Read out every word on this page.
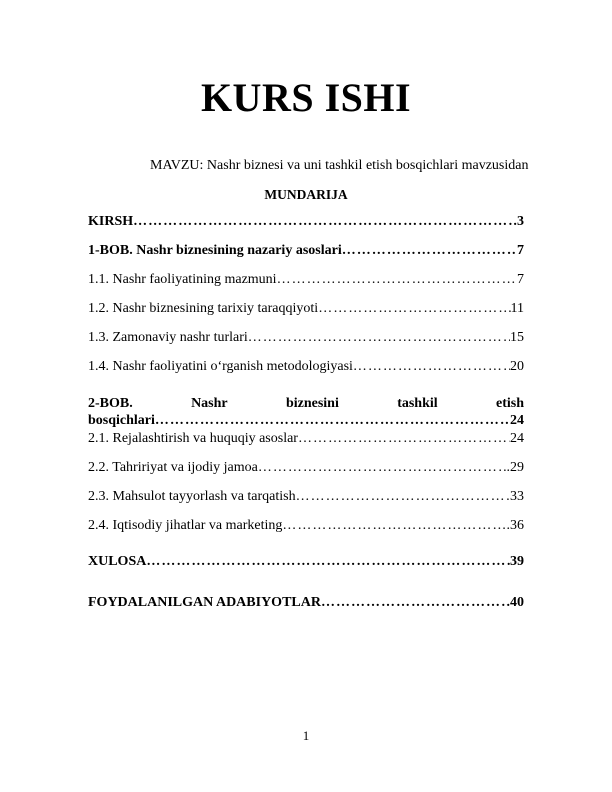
KURS ISHI
MAVZU: Nashr biznesi va uni tashkil etish bosqichlari mavzusidan
MUNDARIJA
KIRSH ………………………………………………………………………………………………………………………………	3
1-BOB. Nashr biznesining nazariy asoslari ………………………………………………………………………………………………………………………………	7
1.1. Nashr faoliyatining mazmuni ………………………………………………………………………………………………………………………………	7
1.2. Nashr biznesining tarixiy taraqqiyoti ………………………………………………………………………………………………………………………………	11
1.3. Zamonaviy nashr turlari ………………………………………………………………………………………………………………………………	15
1.4. Nashr faoliyatini o‘rganish metodologiyasi ………………………………………………………………………………………………………………………………	20
2-BOB.	Nashr	biznesini	tashkil	etish
bosqichlari ………………………………………………………………………………………………………………………………	24
2.1. Rejalashtirish va huquqiy asoslar ………………………………………………………………………………………………………………………………	24
2.2. Tahririyat va ijodiy jamoa ………………………………………………………………………………………………………………………………	.29
2.3. Mahsulot tayyorlash va tarqatish ………………………………………………………………………………………………………………………………	33
2.4. Iqtisodiy jihatlar va marketing ………………………………………………………………………………………………………………………………	.36
XULOSA ………………………………………………………………………………………………………………………………	39
FOYDALANILGAN ADABIYOTLAR ………………………………………………………………………………………………………………………………	.40
1
